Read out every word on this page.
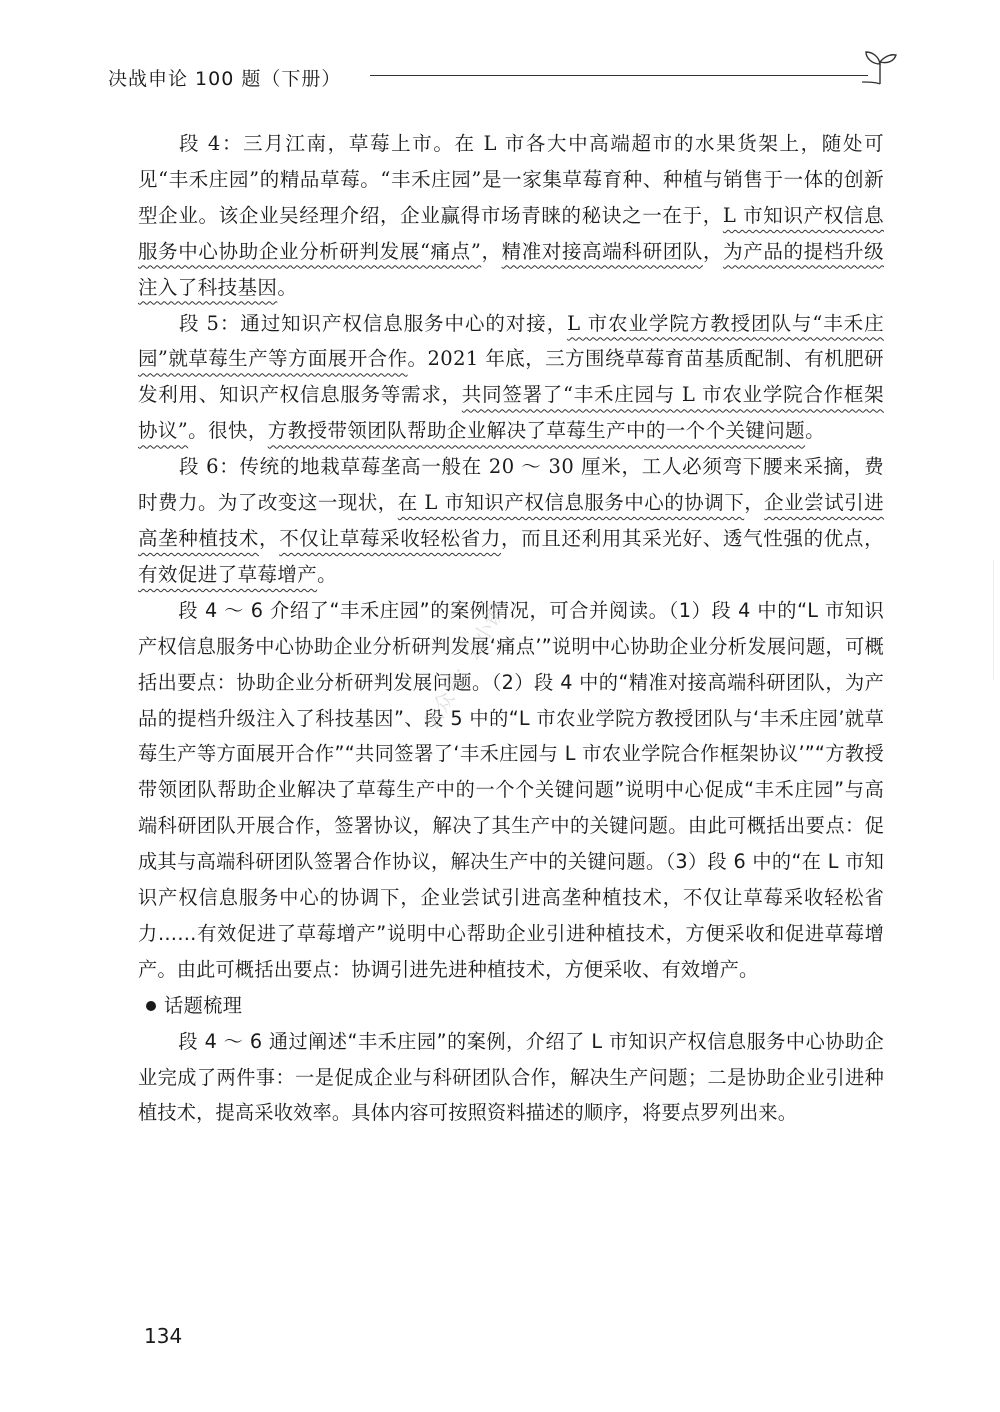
决战申论 100 题（下册）

段 4：三月江南，草莓上市。在 L 市各大中高端超市的水果货架上，随处可见“丰禾庄园”的精品草莓。“丰禾庄园”是一家集草莓育种、种植与销售于一体的创新型企业。该企业吴经理介绍，企业赢得市场青睐的秘诀之一在于，L 市知识产权信息服务中心协助企业分析研判发展“痛点”，精准对接高端科研团队，为产品的提档升级注入了科技基因。

段 5：通过知识产权信息服务中心的对接，L 市农业学院方教授团队与“丰禾庄园”就草莓生产等方面展开合作。2021 年底，三方围绕草莓育苗基质配制、有机肥研发利用、知识产权信息服务等需求，共同签署了“丰禾庄园与 L 市农业学院合作框架协议”。很快，方教授带领团队帮助企业解决了草莓生产中的一个个关键问题。

段 6：传统的地栽草莓垄高一般在 20 ～ 30 厘米，工人必须弯下腰来采摘，费时费力。为了改变这一现状，在 L 市知识产权信息服务中心的协调下，企业尝试引进高垄种植技术，不仅让草莓采收轻松省力，而且还利用其采光好、透气性强的优点，有效促进了草莓增产。

段 4 ～ 6 介绍了“丰禾庄园”的案例情况，可合并阅读。（1）段 4 中的“L 市知识产权信息服务中心协助企业分析研判发展‘痛点’”说明中心协助企业分析发展问题，可概括出要点：协助企业分析研判发展问题。（2）段 4 中的“精准对接高端科研团队，为产品的提档升级注入了科技基因”、段 5 中的“L 市农业学院方教授团队与‘丰禾庄园’就草莓生产等方面展开合作”“共同签署了‘丰禾庄园与 L 市农业学院合作框架协议’”“方教授带领团队帮助企业解决了草莓生产中的一个个关键问题”说明中心促成“丰禾庄园”与高端科研团队开展合作，签署协议，解决了其生产中的关键问题。由此可概括出要点：促成其与高端科研团队签署合作协议，解决生产中的关键问题。（3）段 6 中的“在 L 市知识产权信息服务中心的协调下，企业尝试引进高垄种植技术，不仅让草莓采收轻松省力……有效促进了草莓增产”说明中心帮助企业引进种植技术，方便采收和促进草莓增产。由此可概括出要点：协调引进先进种植技术，方便采收、有效增产。

话题梳理

段 4 ～ 6 通过阐述“丰禾庄园”的案例，介绍了 L 市知识产权信息服务中心协助企业完成了两件事：一是促成企业与科研团队合作，解决生产问题；二是协助企业引进种植技术，提高采收效率。具体内容可按照资料描述的顺序，将要点罗列出来。

公众号：公小镇
134
